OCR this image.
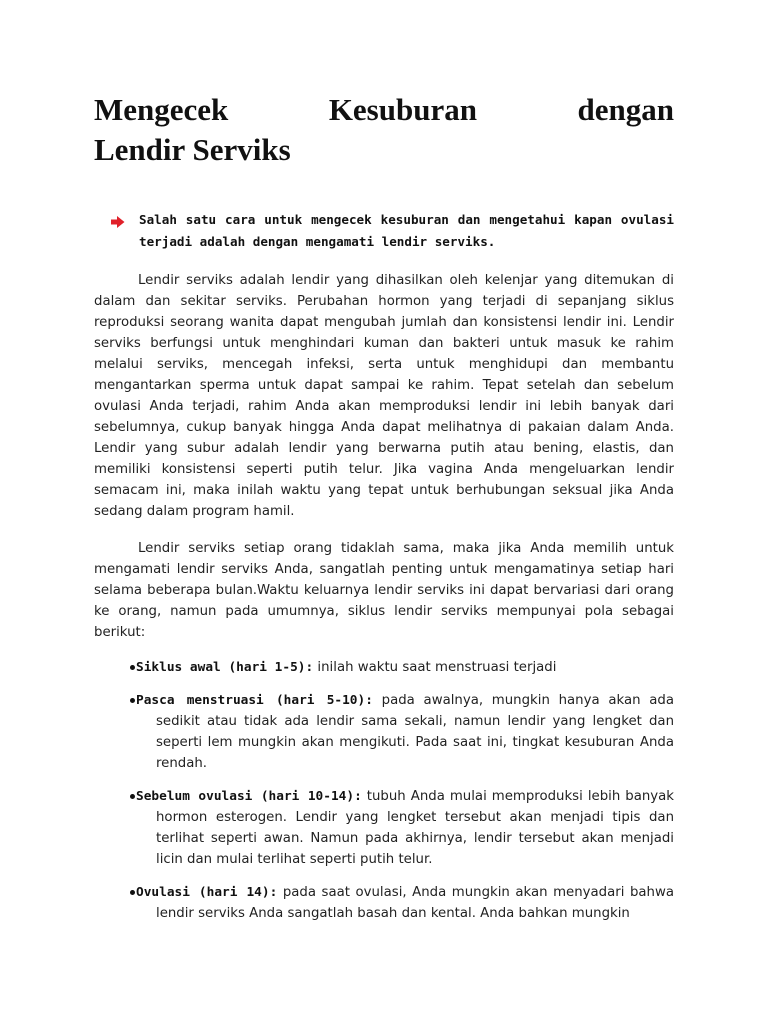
Mengecek	Kesuburan	dengan
Lendir Serviks
Salah satu cara untuk mengecek kesuburan dan mengetahui kapan ovulasi terjadi adalah dengan mengamati lendir serviks.

Lendir serviks adalah lendir yang dihasilkan oleh kelenjar yang ditemukan di dalam dan sekitar serviks. Perubahan hormon yang terjadi di sepanjang siklus reproduksi seorang wanita dapat mengubah jumlah dan konsistensi lendir ini. Lendir serviks berfungsi untuk menghindari kuman dan bakteri untuk masuk ke rahim melalui serviks, mencegah infeksi, serta untuk menghidupi dan membantu mengantarkan sperma untuk dapat sampai ke rahim. Tepat setelah dan sebelum ovulasi Anda terjadi, rahim Anda akan memproduksi lendir ini lebih banyak dari sebelumnya, cukup banyak hingga Anda dapat melihatnya di pakaian dalam Anda. Lendir yang subur adalah lendir yang berwarna putih atau bening, elastis, dan memiliki konsistensi seperti putih telur. Jika vagina Anda mengeluarkan lendir semacam ini, maka inilah waktu yang tepat untuk berhubungan seksual jika Anda sedang dalam program hamil.

Lendir serviks setiap orang tidaklah sama, maka jika Anda memilih untuk mengamati lendir serviks Anda, sangatlah penting untuk mengamatinya setiap hari selama beberapa bulan.Waktu keluarnya lendir serviks ini dapat bervariasi dari orang ke orang, namun pada umumnya, siklus lendir serviks mempunyai pola sebagai berikut:

Siklus awal (hari 1-5): inilah waktu saat menstruasi terjadi
Pasca menstruasi (hari 5-10): pada awalnya, mungkin hanya akan ada sedikit atau tidak ada lendir sama sekali, namun lendir yang lengket dan seperti lem mungkin akan mengikuti. Pada saat ini, tingkat kesuburan Anda rendah.
Sebelum ovulasi (hari 10-14): tubuh Anda mulai memproduksi lebih banyak hormon esterogen. Lendir yang lengket tersebut akan menjadi tipis dan terlihat seperti awan. Namun pada akhirnya, lendir tersebut akan menjadi licin dan mulai terlihat seperti putih telur.
Ovulasi (hari 14): pada saat ovulasi, Anda mungkin akan menyadari bahwa lendir serviks Anda sangatlah basah dan kental. Anda bahkan mungkin
